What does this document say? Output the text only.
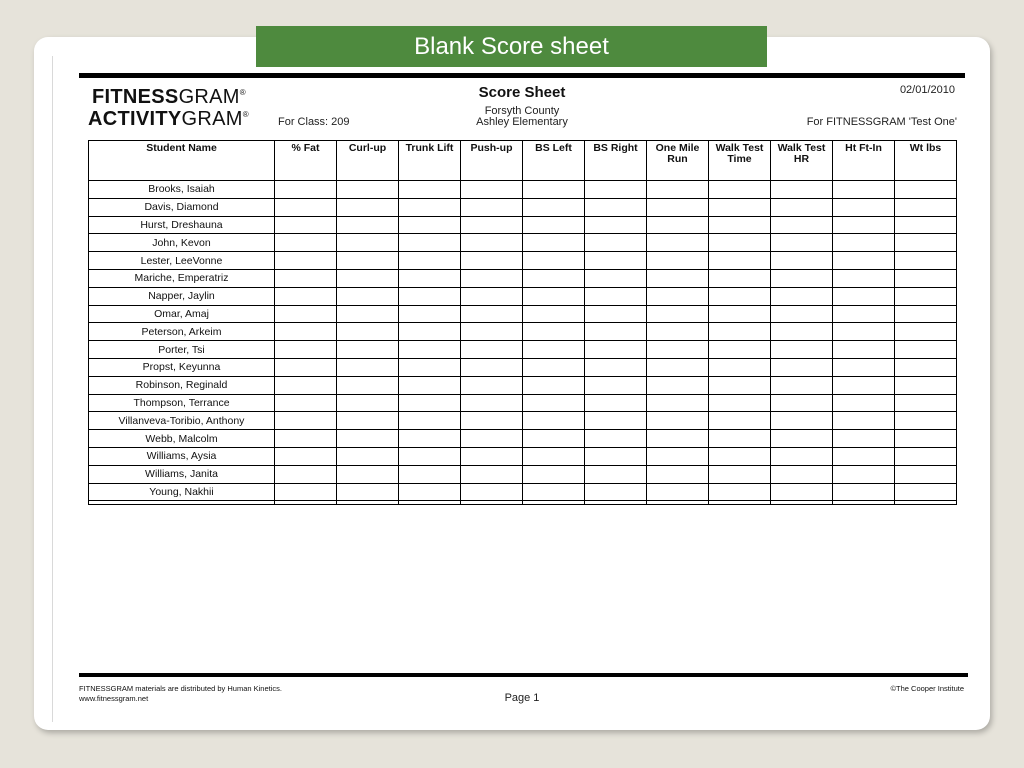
Blank Score sheet
FITNESSGRAM®
ACTIVITYGRAM®
For Class: 209
Score Sheet
Forsyth County
Ashley Elementary
02/01/2010
For FITNESSGRAM 'Test One'
Student Name	% Fat	Curl-up	Trunk Lift	Push-up	BS Left	BS Right	One Mile Run	Walk Test Time	Walk Test HR	Ht Ft-In	Wt lbs
Brooks, Isaiah											
Davis, Diamond											
Hurst, Dreshauna											
John, Kevon											
Lester, LeeVonne											
Mariche, Emperatriz											
Napper, Jaylin											
Omar, Amaj											
Peterson, Arkeim											
Porter, Tsi											
Propst, Keyunna											
Robinson, Reginald											
Thompson, Terrance											
Villanveva-Toribio, Anthony											
Webb, Malcolm											
Williams, Aysia											
Williams, Janita											
Young, Nakhii											

FITNESSGRAM materials are distributed by Human Kinetics.
www.fitnessgram.net	Page 1
©The Cooper Institute
